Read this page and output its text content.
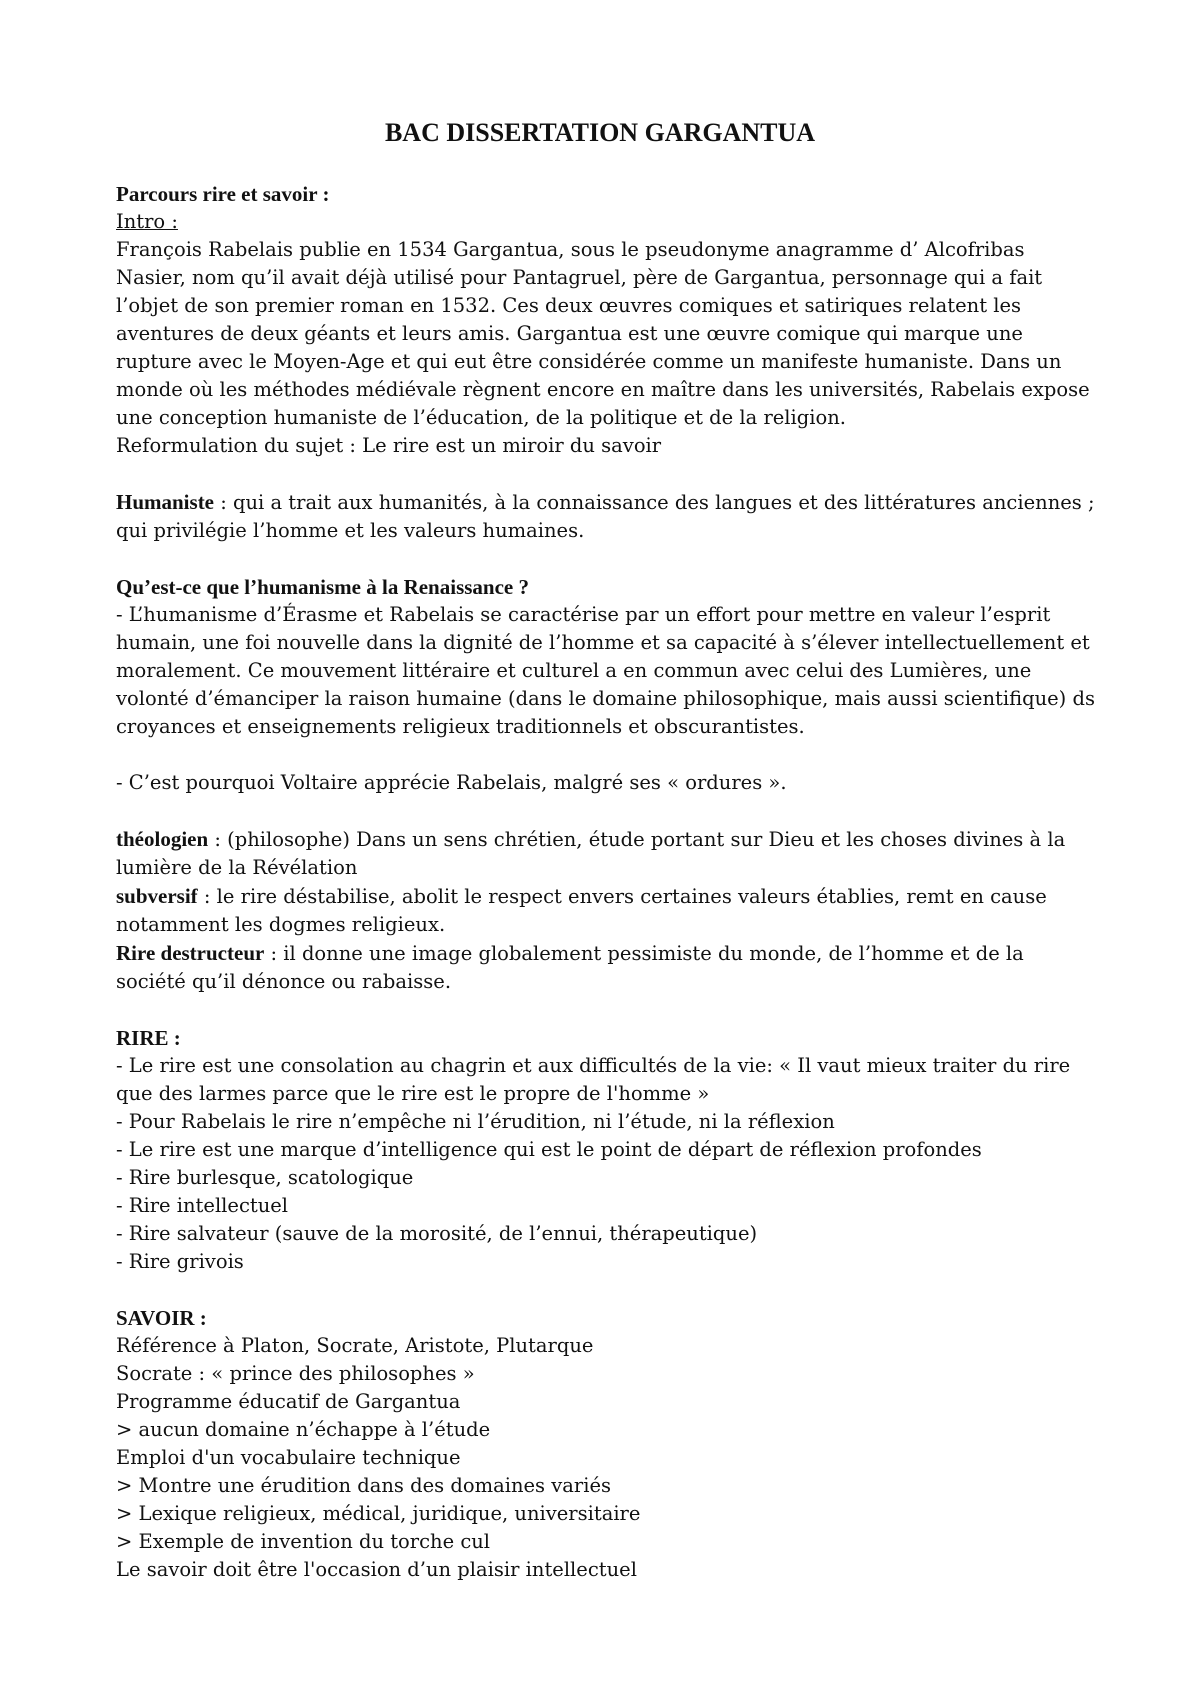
BAC DISSERTATION GARGANTUA

Parcours rire et savoir :

Intro :

François Rabelais publie en 1534 Gargantua, sous le pseudonyme anagramme d’ Alcofribas Nasier, nom qu’il avait déjà utilisé pour Pantagruel, père de Gargantua, personnage qui a fait l’objet de son premier roman en 1532. Ces deux œuvres comiques et satiriques relatent les aventures de deux géants et leurs amis. Gargantua est une œuvre comique qui marque une rupture avec le Moyen-Age et qui eut être considérée comme un manifeste humaniste. Dans un monde où les méthodes médiévale règnent encore en maître dans les universités, Rabelais expose une conception humaniste de l’éducation, de la politique et de la religion.

Reformulation du sujet : Le rire est un miroir du savoir

Humaniste : qui a trait aux humanités, à la connaissance des langues et des littératures anciennes ; qui privilégie l’homme et les valeurs humaines.

Qu’est-ce que l’humanisme à la Renaissance ?

- L’humanisme d’Érasme et Rabelais se caractérise par un effort pour mettre en valeur l’esprit humain, une foi nouvelle dans la dignité de l’homme et sa capacité à s’élever intellectuellement et moralement. Ce mouvement littéraire et culturel a en commun avec celui des Lumières, une volonté d’émanciper la raison humaine (dans le domaine philosophique, mais aussi scientifique) ds croyances et enseignements religieux traditionnels et obscurantistes.

- C’est pourquoi Voltaire apprécie Rabelais, malgré ses « ordures ».

théologien : (philosophe) Dans un sens chrétien, étude portant sur Dieu et les choses divines à la lumière de la Révélation

subversif : le rire déstabilise, abolit le respect envers certaines valeurs établies, remt en cause notamment les dogmes religieux.

Rire destructeur : il donne une image globalement pessimiste du monde, de l’homme et de la société qu’il dénonce ou rabaisse.

RIRE :

- Le rire est une consolation au chagrin et aux difficultés de la vie: « Il vaut mieux traiter du rire que des larmes parce que le rire est le propre de l'homme »

- Pour Rabelais le rire n’empêche ni l’érudition, ni l’étude, ni la réflexion

- Le rire est une marque d’intelligence qui est le point de départ de réflexion profondes

- Rire burlesque, scatologique

- Rire intellectuel

- Rire salvateur (sauve de la morosité, de l’ennui, thérapeutique)

- Rire grivois

SAVOIR :

Référence à Platon, Socrate, Aristote, Plutarque

Socrate : « prince des philosophes »

Programme éducatif de Gargantua

> aucun domaine n’échappe à l’étude

Emploi d'un vocabulaire technique

> Montre une érudition dans des domaines variés

> Lexique religieux, médical, juridique, universitaire

> Exemple de invention du torche cul

Le savoir doit être l'occasion d’un plaisir intellectuel
